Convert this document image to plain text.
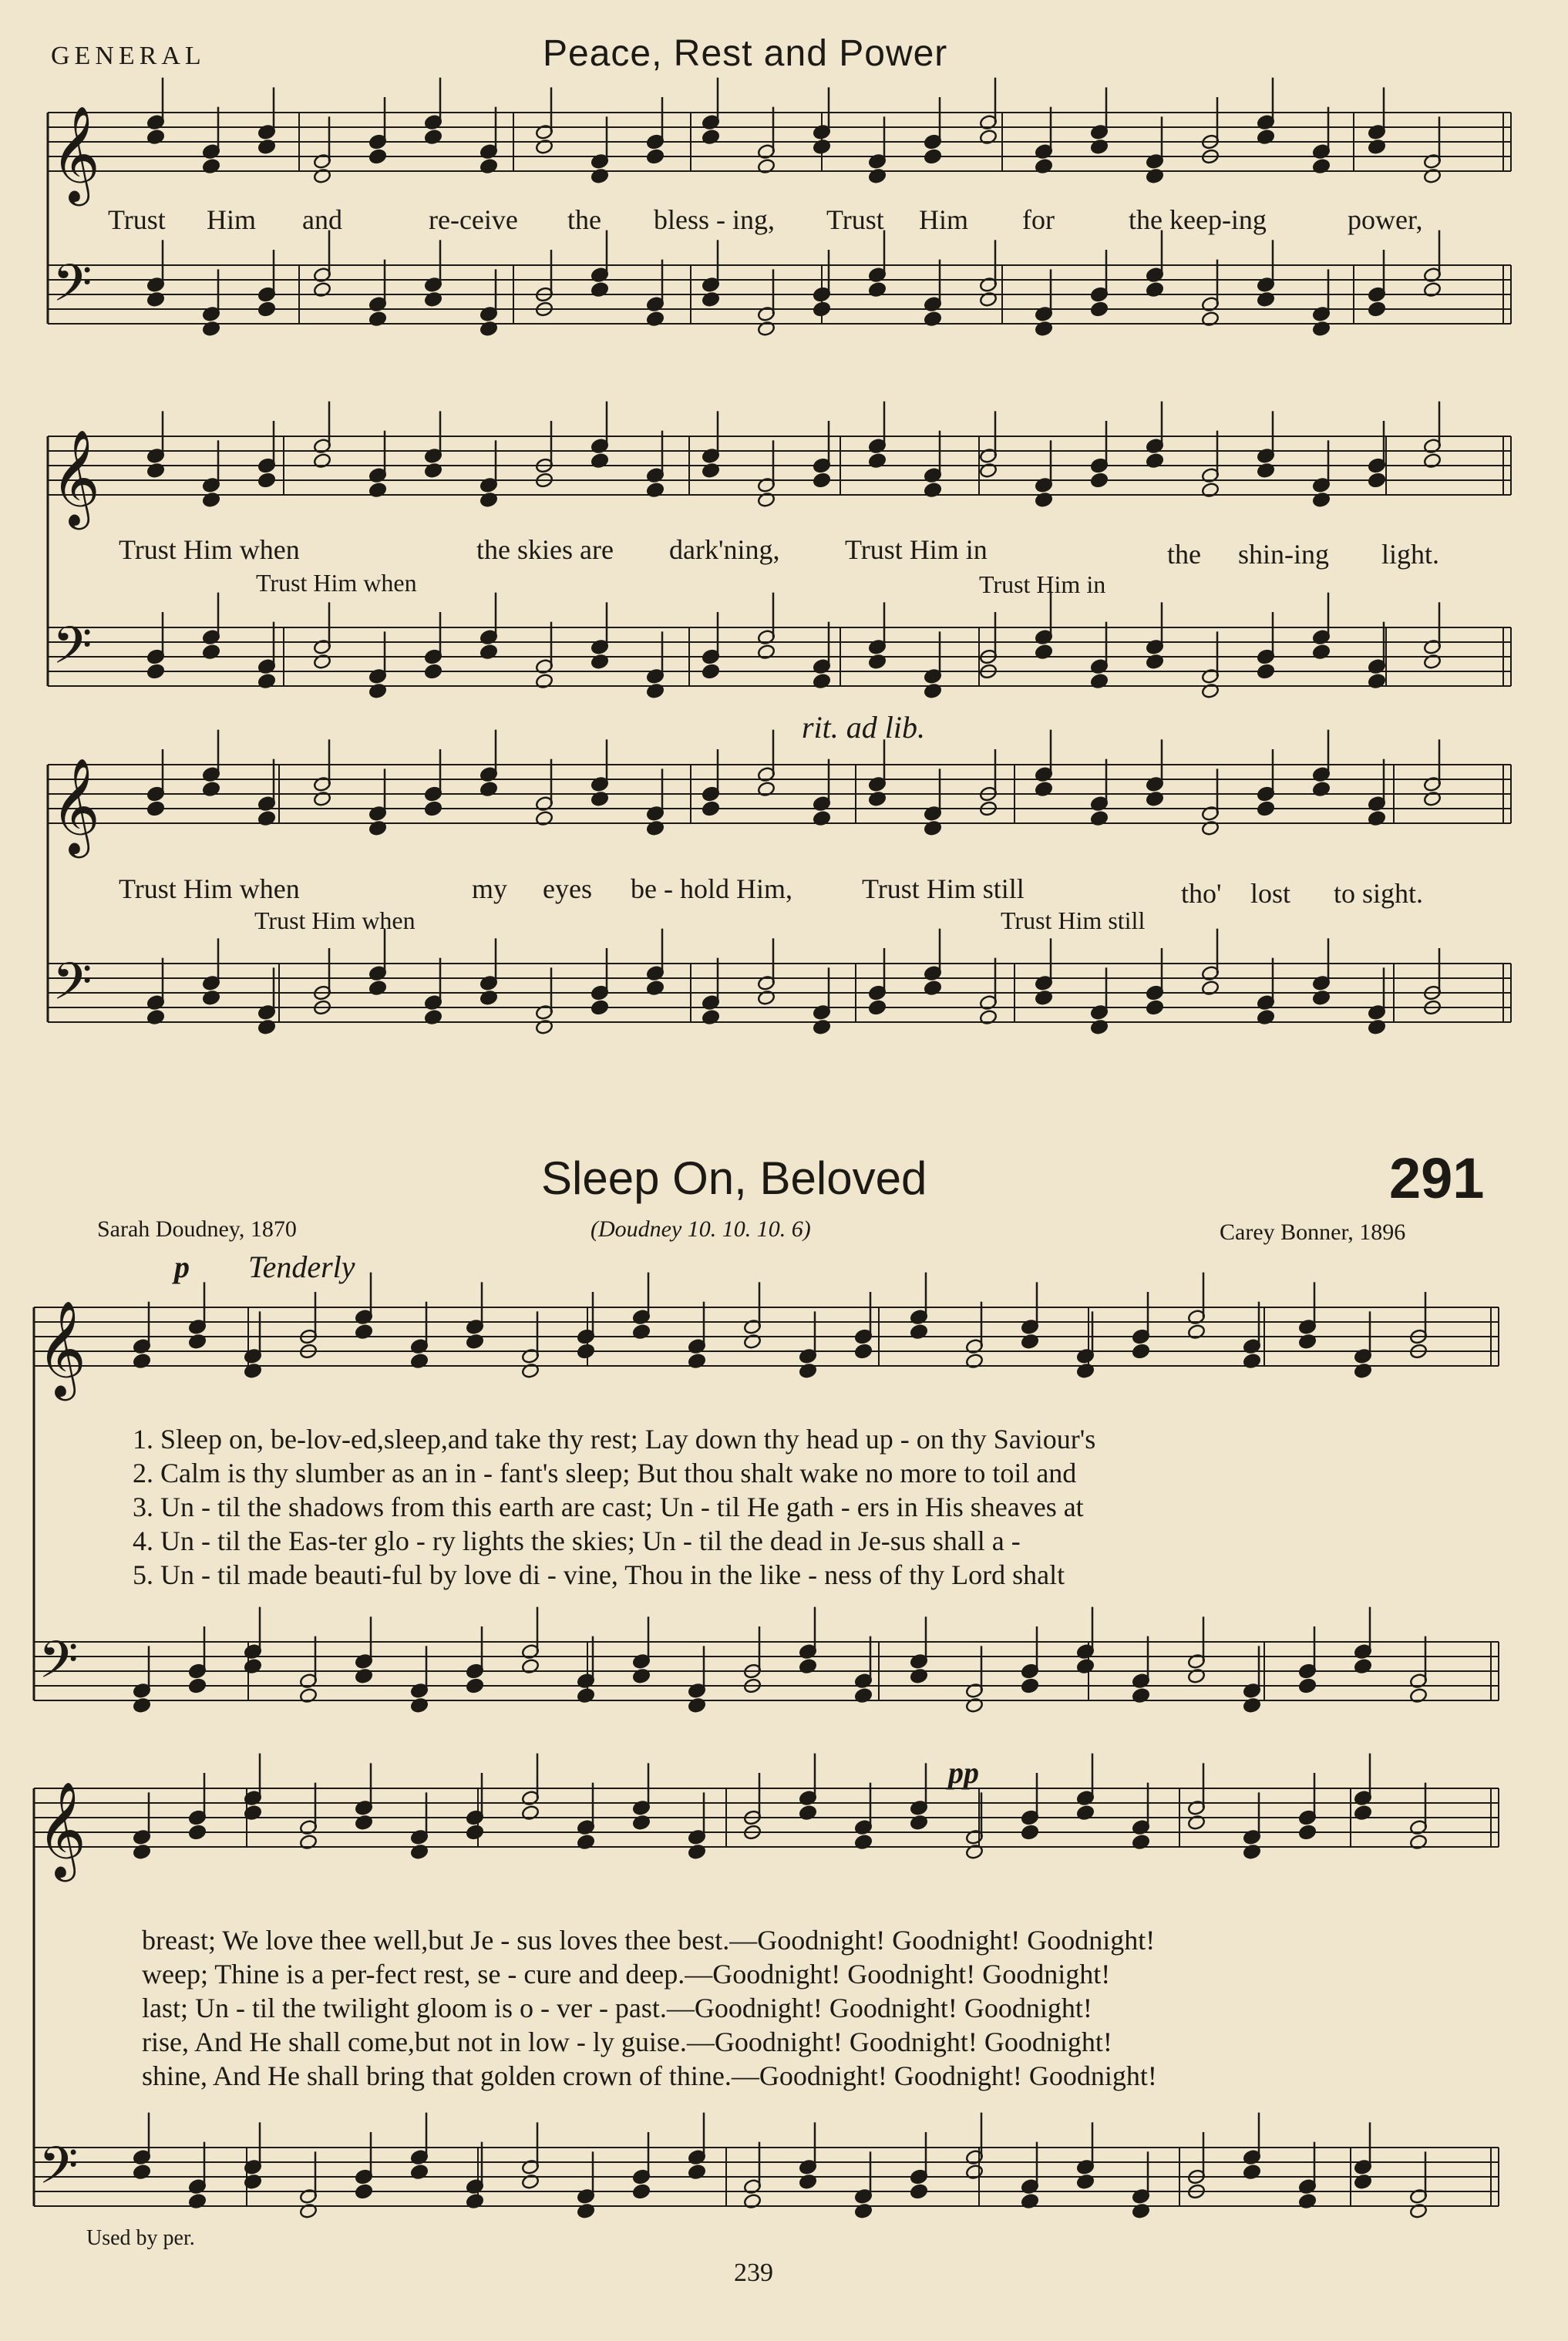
GENERAL	Peace, Rest and Power
𝄞
𝄢
𝄞
𝄢
𝄞
𝄢
𝄞
𝄢
𝄞
𝄢
Trust Him and	re-ceive the bless - ing, Trust Him for	the keep-ing	power,
Trust Him when	the skies are dark'ning, Trust Him in	the shin-ing light.
Trust Him when	Trust Him in
rit. ad lib.
Trust Him when	my eyes be - hold Him,	Trust Him still	tho' lost to sight.
Trust Him when	Trust Him still
Sleep On, Beloved	291
Sarah Doudney, 1870	(Doudney 10. 10. 10. 6)	Carey Bonner, 1896
p Tenderly
pp
1. Sleep on, be-lov-ed,sleep,and take thy rest; Lay down thy head up - on thy Saviour's
2. Calm is thy slumber as an in - fant's sleep; But thou shalt wake no more to toil and
3. Un - til the shadows from this earth are cast; Un - til He gath - ers in His sheaves at
4. Un - til the Eas-ter glo - ry lights the skies; Un - til the dead in Je-sus shall a -
5. Un - til made beauti-ful by love di - vine, Thou in the like - ness of thy Lord shalt
breast; We love thee well,but Je - sus loves thee best.—Goodnight! Goodnight! Goodnight!
weep; Thine is a per-fect rest, se - cure and deep.—Goodnight! Goodnight! Goodnight!
last; Un - til the twilight gloom is o - ver - past.—Goodnight! Goodnight! Goodnight!
rise, And He shall come,but not in low - ly guise.—Goodnight! Goodnight! Goodnight!
shine, And He shall bring that golden crown of thine.—Goodnight! Goodnight! Goodnight!
Used by per.
239
